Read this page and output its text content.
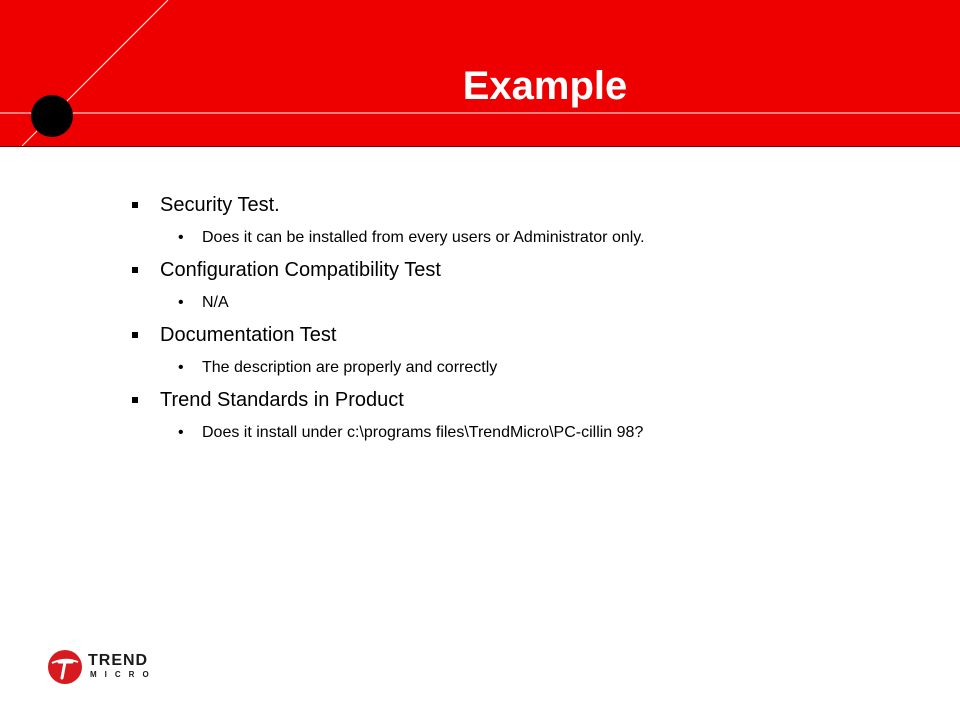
Example
Security Test.
• Does it can be installed from every users or Administrator only.
Configuration Compatibility Test
• N/A
Documentation Test
• The description are properly and correctly
Trend Standards in Product
• Does it install under c:\programs files\TrendMicro\PC-cillin 98?
TREND
MICRO
